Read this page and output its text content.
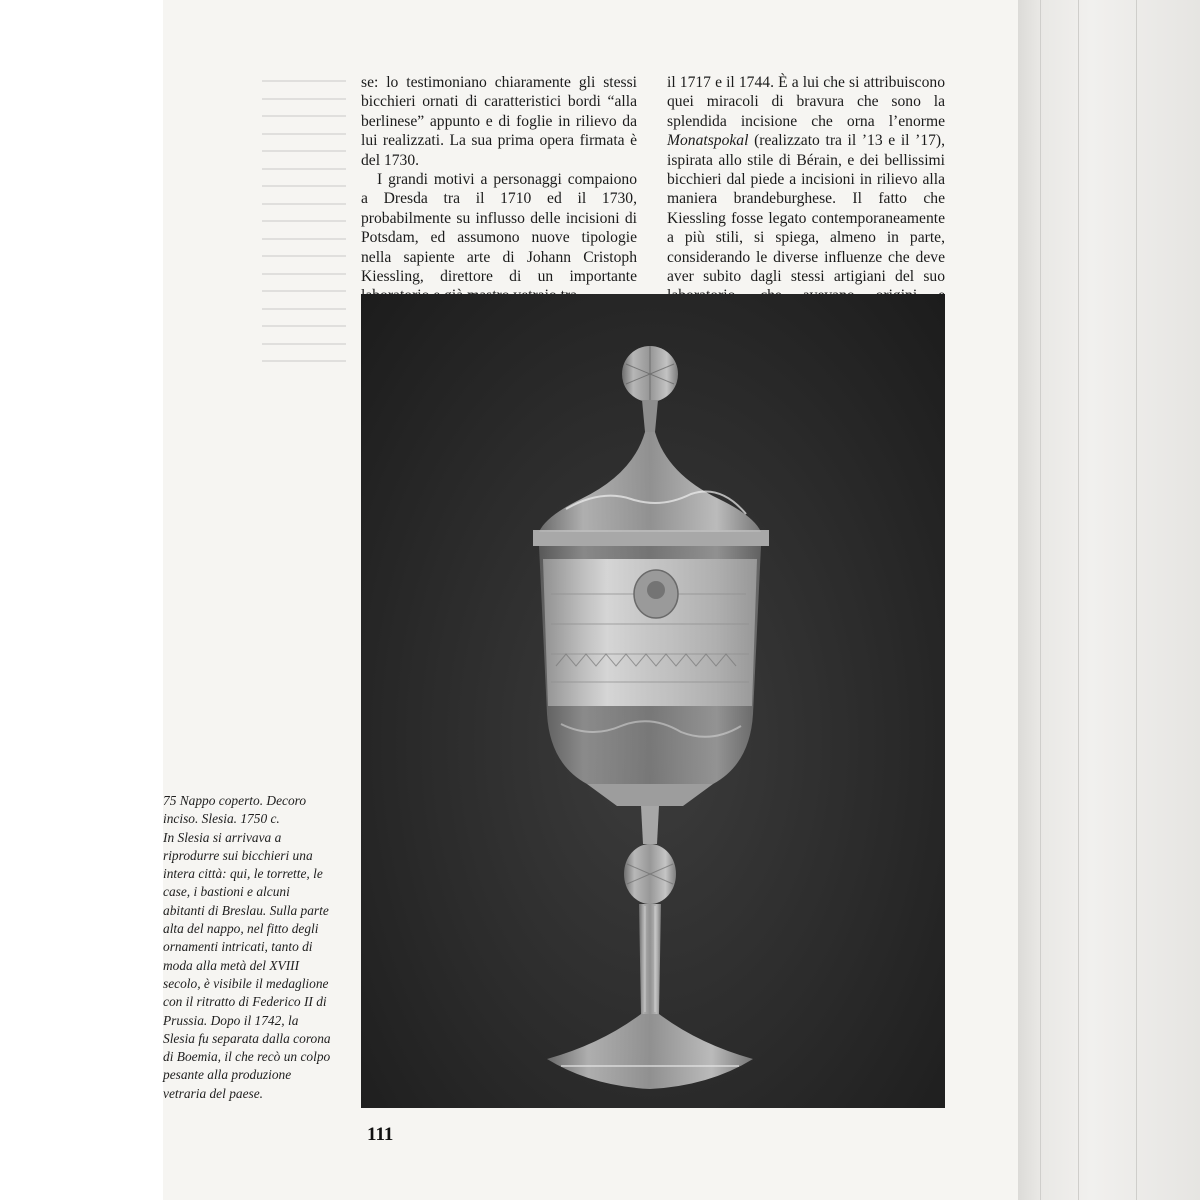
se: lo testimoniano chiaramente gli stessi bicchieri ornati di caratteristici bordi “alla berlinese” appunto e di foglie in rilievo da lui realizzati. La sua prima opera firmata è del 1730.

I grandi motivi a personaggi compaiono a Dresda tra il 1710 ed il 1730, probabilmente su influsso delle incisioni di Potsdam, ed assumono nuove tipologie nella sapiente arte di Johann Cristoph Kiessling, direttore di un importante

il 1717 e il 1744. È a lui che si attribuiscono quei miracoli di bravura che sono la splendida incisione che orna l’enorme Monatspokal (realizzato tra il ’13 e il ’17), ispirata allo stile di Bérain, e dei bellissimi bicchieri dal piede a incisioni in rilievo alla maniera brandeburghese. Il fatto che Kiessling fosse legato contemporaneamente a più stili, si spiega, almeno in parte, considerando le diverse influenze che deve aver subito dagli stessi artigiani del suo

75 Nappo coperto. Decoro
inciso. Slesia. 1750 c.
In Slesia si arrivava a
riprodurre sui bicchieri una
intera città: qui, le torrette, le
case, i bastioni e alcuni
abitanti di Breslau. Sulla parte
alta del nappo, nel fitto degli
ornamenti intricati, tanto di
moda alla metà del XVIII
secolo, è visibile il medaglione
con il ritratto di Federico II di
Prussia. Dopo il 1742, la
Slesia fu separata dalla corona
di Boemia, il che recò un colpo
pesante alla produzione
vetraria del paese.
111
